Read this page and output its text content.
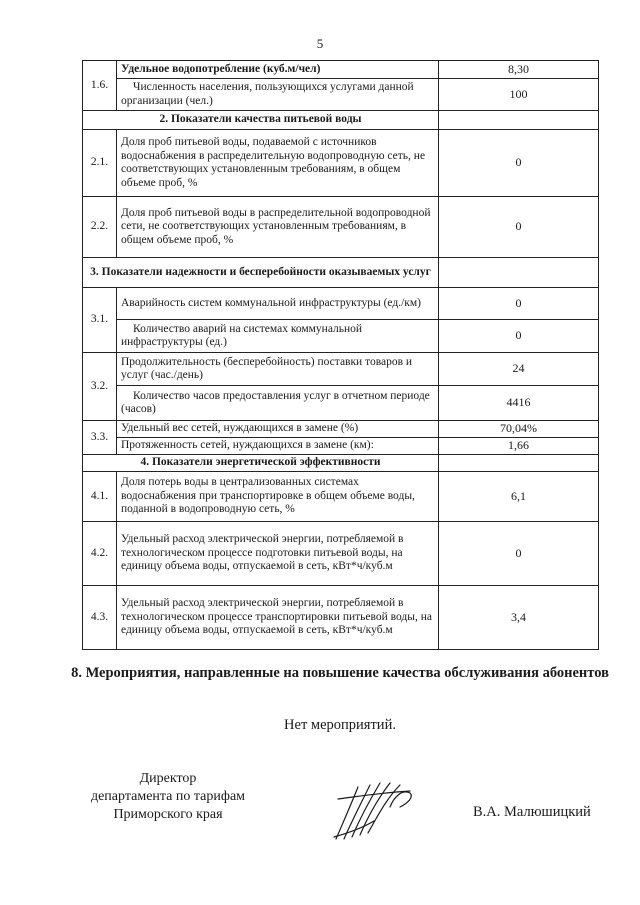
5
1.6.	Удельное водопотребление (куб.м/чел)	8,30
	Численность населения, пользующихся услугами данной организации (чел.)	100
2. Показатели качества питьевой воды		
2.1.	Доля проб питьевой воды, подаваемой с источников водоснабжения в распределительную водопроводную сеть, не соответствующих установленным требованиям, в общем объеме проб, %	0
2.2.	Доля проб питьевой воды в распределительной водопроводной сети, не соответствующих установленным требованиям, в общем объеме проб, %	0
3. Показатели надежности и бесперебойности оказываемых услуг		
3.1.	Аварийность систем коммунальной инфраструктуры (ед./км)	0
	Количество аварий на системах коммунальной инфраструктуры (ед.)	0
3.2.	Продолжительность (бесперебойность) поставки товаров и услуг (час./день)	24
	Количество часов предоставления услуг в отчетном периоде (часов)	4416
3.3.	Удельный вес сетей, нуждающихся в замене (%)	70,04%
	Протяженность сетей, нуждающихся в замене (км):	1,66
4. Показатели энергетической эффективности		
4.1.	Доля потерь воды в централизованных системах водоснабжения при транспортировке в общем объеме воды, поданной в водопроводную сеть, %	6,1
4.2.	Удельный расход электрической энергии, потребляемой в технологическом процессе подготовки питьевой воды, на единицу объема воды, отпускаемой в сеть, кВт*ч/куб.м	0
4.3.	Удельный расход электрической энергии, потребляемой в технологическом процессе транспортировки питьевой воды, на единицу объема воды, отпускаемой в сеть, кВт*ч/куб.м	3,4
8. Мероприятия, направленные на повышение качества обслуживания абонентов
Нет мероприятий.
Директор
департамента по тарифам
Приморского края	В.А. Малюшицкий
